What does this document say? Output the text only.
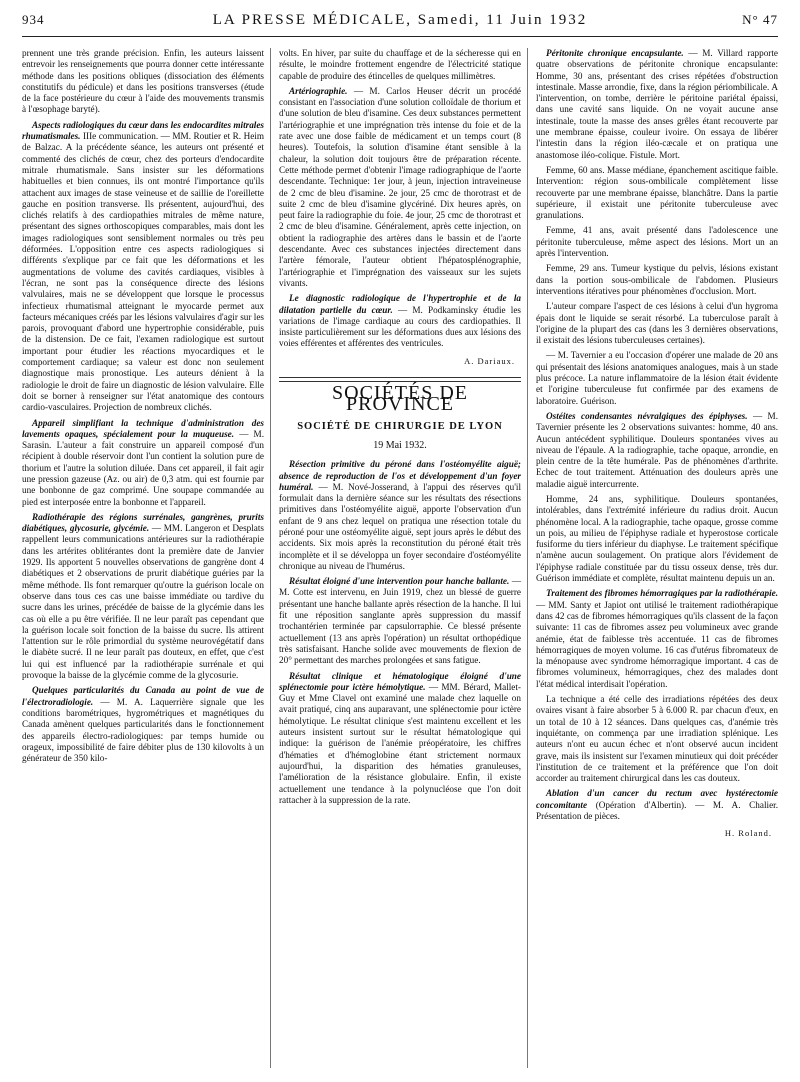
934	LA PRESSE MÉDICALE, Samedi, 11 Juin 1932	N° 47

prennent une très grande précision. Enfin, les auteurs laissent entrevoir les renseignements que pourra donner cette intéressante méthode dans les positions obliques (dissociation des éléments constitutifs du pédicule) et dans les positions transverses (étude de la face postérieure du cœur à l'aide des mouvements transmis à l'œsophage baryté).

Aspects radiologiques du cœur dans les endocardites mitrales rhumatismales. IIIe communication. — MM. Routier et R. Heim de Balzac. A la précédente séance, les auteurs ont présenté et commenté des clichés de cœur, chez des porteurs d'endocardite mitrale rhumatismale. Sans insister sur les déformations habituelles et bien connues, ils ont montré l'importance qu'ils attachent aux images de stase veineuse et de saillie de l'oreillette gauche en position transverse. Ils présentent, aujourd'hui, des clichés relatifs à des cardiopathies mitrales de même nature, présentant des signes orthoscopiques comparables, mais dont les images radiologiques sont sensiblement normales ou très peu déformées. L'opposition entre ces aspects radiologiques si différents s'explique par ce fait que les déformations et les augmentations de volume des cavités cardiaques, visibles à l'écran, ne sont pas la conséquence directe des lésions valvulaires, mais ne se développent que lorsque le processus infectieux rhumatismal atteignant le myocarde permet aux facteurs mécaniques créés par les lésions valvulaires d'agir sur les parois, provoquant d'abord une hypertrophie considérable, puis de la distension. De ce fait, l'examen radiologique est surtout important pour étudier les réactions myocardiques et le comportement cardiaque; sa valeur est donc non seulement diagnostique mais pronostique. Les auteurs dénient à la radiologie le droit de faire un diagnostic de lésion valvulaire. Elle doit se borner à renseigner sur l'état anatomique des contours cardio-vasculaires. Projection de nombreux clichés.

Appareil simplifiant la technique d'administration des lavements opaques, spécialement pour la muqueuse. — M. Sarasin. L'auteur a fait construire un appareil composé d'un récipient à double réservoir dont l'un contient la solution pure de thorium et l'autre la solution diluée. Dans cet appareil, il fait agir une pression gazeuse (Az. ou air) de 0,3 atm. qui est fournie par une bonbonne de gaz comprimé. Une soupape commandée au pied est interposée entre la bonbonne et l'appareil.

Radiothérapie des régions surrénales, gangrènes, prurits diabétiques, glycosurie, glycémie. — MM. Langeron et Desplats rappellent leurs communications antérieures sur la radiothérapie dans les artérites oblitérantes dont la première date de Janvier 1929. Ils apportent 5 nouvelles observations de gangrène dont 4 diabétiques et 2 observations de prurit diabétique guéries par la même méthode. Ils font remarquer qu'outre la guérison locale on observe dans tous ces cas une baisse immédiate ou tardive du sucre dans les urines, précédée de baisse de la glycémie dans les cas où elle a pu être vérifiée. Il ne leur paraît pas cependant que la guérison locale soit fonction de la baisse du sucre. Ils attirent l'attention sur le rôle primordial du système neurovégétatif dans le diabète sucré. Il ne leur paraît pas douteux, en effet, que c'est lui qui est influencé par la radiothérapie surrénale et qui provoque la baisse de la glycémie comme de la glycosurie.

Quelques particularités du Canada au point de vue de l'électroradiologie. — M. A. Laquerrière signale que les conditions barométriques, hygrométriques et magnétiques du Canada amènent quelques particularités dans le fonctionnement des appareils électro-radiologiques: par temps humide ou orageux, impossibilité de faire débiter plus de 130 kilovolts à un générateur de 350 kilo-

volts. En hiver, par suite du chauffage et de la sécheresse qui en résulte, le moindre frottement engendre de l'électricité statique capable de produire des étincelles de quelques millimètres.

Artériographie. — M. Carlos Heuser décrit un procédé consistant en l'association d'une solution colloïdale de thorium et d'une solution de bleu d'isamine. Ces deux substances permettent l'artériographie et une imprégnation très intense du foie et de la rate avec une dose faible de médicament et un temps court (8 heures). Toutefois, la solution d'isamine étant sensible à la chaleur, la solution doit toujours être de préparation récente. Cette méthode permet d'obtenir l'image radiographique de l'aorte descendante. Technique: 1er jour, à jeun, injection intraveineuse de 2 cmc de bleu d'isamine. 2e jour, 25 cmc de thorotrast et de suite 2 cmc de bleu d'isamine glycériné. Dix heures après, on peut faire la radiographie du foie. 4e jour, 25 cmc de thorotrast et 2 cmc de bleu d'isamine. Généralement, après cette injection, on obtient la radiographie des artères dans le bassin et de l'aorte descendante. Avec ces substances injectées directement dans l'artère fémorale, l'auteur obtient l'hépatosplénographie, l'artériographie et l'imprégnation des vaisseaux sur les sujets vivants.

Le diagnostic radiologique de l'hypertrophie et de la dilatation partielle du cœur. — M. Podkaminsky étudie les variations de l'image cardiaque au cours des cardiopathies. Il insiste particulièrement sur les déformations dues aux lésions des voies efférentes et afférentes des ventricules.

A. Dariaux.
SOCIÉTÉS DE PROVINCE
SOCIÉTÉ DE CHIRURGIE DE LYON
19 Mai 1932.

Résection primitive du péroné dans l'ostéomyélite aiguë; absence de reproduction de l'os et développement d'un foyer huméral. — M. Nové-Josserand, à l'appui des réserves qu'il formulait dans la dernière séance sur les résultats des résections primitives dans l'ostéomyélite aiguë, apporte l'observation d'un enfant de 9 ans chez lequel on pratiqua une résection totale du péroné pour une ostéomyélite aiguë, sept jours après le début des accidents. Six mois après la reconstitution du péroné était très incomplète et il se développa un foyer secondaire d'ostéomyélite chronique au niveau de l'humérus.

Résultat éloigné d'une intervention pour hanche ballante. — M. Cotte est intervenu, en Juin 1919, chez un blessé de guerre présentant une hanche ballante après résection de la hanche. Il lui fit une réposition sanglante après suppression du massif trochantérien terminée par capsulorraphie. Ce blessé présente actuellement (13 ans après l'opération) un résultat orthopédique très satisfaisant. Hanche solide avec mouvements de flexion de 20° permettant des marches prolongées et sans fatigue.

Résultat clinique et hématologique éloigné d'une splénectomie pour ictère hémolytique. — MM. Bérard, Mallet-Guy et Mme Clavel ont examiné une malade chez laquelle on avait pratiqué, cinq ans auparavant, une splénectomie pour ictère hémolytique. Le résultat clinique s'est maintenu excellent et les auteurs insistent surtout sur le résultat hématologique qui indique: la guérison de l'anémie préopératoire, les chiffres d'hématies et d'hémoglobine étant strictement normaux aujourd'hui, la disparition des hématies granuleuses, l'amélioration de la résistance globulaire. Enfin, il existe actuellement une tendance à la polynucléose que l'on doit rattacher à la suppression de la rate.

Péritonite chronique encapsulante. — M. Villard rapporte quatre observations de péritonite chronique encapsulante: Homme, 30 ans, présentant des crises répétées d'obstruction intestinale. Masse arrondie, fixe, dans la région périombilicale. A l'intervention, on tombe, derrière le péritoine pariétal épaissi, dans une cavité sans liquide. On ne voyait aucune anse intestinale, toute la masse des anses grêles étant recouverte par une membrane épaisse, couleur ivoire. On essaya de libérer l'intestin dans la région iléo-cæcale et on pratiqua une anastomose iléo-colique. Fistule. Mort.

Femme, 60 ans. Masse médiane, épanchement ascitique faible. Intervention: région sous-ombilicale complètement lisse recouverte par une membrane épaisse, blanchâtre. Dans la partie supérieure, il existait une péritonite tuberculeuse avec granulations.

Femme, 41 ans, avait présenté dans l'adolescence une péritonite tuberculeuse, même aspect des lésions. Mort un an après l'intervention.

Femme, 29 ans. Tumeur kystique du pelvis, lésions existant dans la portion sous-ombilicale de l'abdomen. Plusieurs interventions itératives pour phénomènes d'occlusion. Mort.

L'auteur compare l'aspect de ces lésions à celui d'un hygroma épais dont le liquide se serait résorbé. La tuberculose paraît à l'origine de la plupart des cas (dans les 3 dernières observations, il existait des lésions tuberculeuses certaines).

— M. Tavernier a eu l'occasion d'opérer une malade de 20 ans qui présentait des lésions anatomiques analogues, mais à un stade plus précoce. La nature inflammatoire de la lésion était évidente et l'origine tuberculeuse fut confirmée par des examens de laboratoire. Guérison.

Ostéites condensantes névralgiques des épiphyses. — M. Tavernier présente les 2 observations suivantes: homme, 40 ans. Aucun antécédent syphilitique. Douleurs spontanées vives au niveau de l'épaule. A la radiographie, tache opaque, arrondie, en plein centre de la tête humérale. Pas de phénomènes d'arthrite. Echec de tout traitement. Atténuation des douleurs après une maladie aiguë intercurrente.

Homme, 24 ans, syphilitique. Douleurs spontanées, intolérables, dans l'extrémité inférieure du radius droit. Aucun phénomène local. A la radiographie, tache opaque, grosse comme un pois, au milieu de l'épiphyse radiale et hyperostose corticale fusiforme du tiers inférieur du diaphyse. Le traitement spécifique n'amène aucun soulagement. On pratique alors l'évidement de l'épiphyse radiale constituée par du tissu osseux dense, très dur. Guérison immédiate et complète, résultat maintenu depuis un an.

Traitement des fibromes hémorragiques par la radiothérapie. — MM. Santy et Japiot ont utilisé le traitement radiothérapique dans 42 cas de fibromes hémorragiques qu'ils classent de la façon suivante: 11 cas de fibromes assez peu volumineux avec grande anémie, état de faiblesse très accentuée. 11 cas de fibromes hémorragiques de moyen volume. 16 cas d'utérus fibromateux de la ménopause avec syndrome hémorragique important. 4 cas de fibromes volumineux, hémorragiques, chez des malades dont l'état médical interdisait l'opération.

La technique a été celle des irradiations répétées des deux ovaires visant à faire absorber 5 à 6.000 R. par chacun d'eux, en un total de 10 à 12 séances. Dans quelques cas, d'anémie très inquiétante, on commença par une irradiation splénique. Les auteurs n'ont eu aucun échec et n'ont observé aucun incident grave, mais ils insistent sur l'examen minutieux qui doit précéder l'institution de ce traitement et la préférence que l'on doit accorder au traitement chirurgical dans les cas douteux.

Ablation d'un cancer du rectum avec hystérectomie concomitante (Opération d'Albertin). — M. A. Chalier. Présentation de pièces.

H. Roland.
